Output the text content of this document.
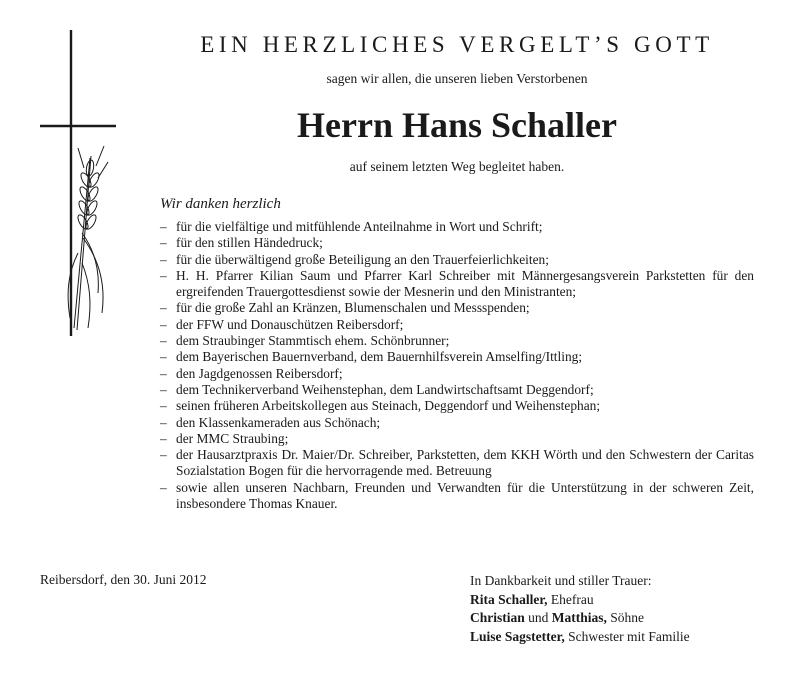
EIN HERZLICHES VERGELT’S GOTT
sagen wir allen, die unseren lieben Verstorbenen
Herrn Hans Schaller
auf seinem letzten Weg begleitet haben.
Wir danken herzlich
– für die vielfältige und mitfühlende Anteilnahme in Wort und Schrift;
– für den stillen Händedruck;
– für die überwältigend große Beteiligung an den Trauerfeierlichkeiten;
– H. H. Pfarrer Kilian Saum und Pfarrer Karl Schreiber mit Männergesangsverein Parkstetten für den ergreifenden Trauergottesdienst sowie der Mesnerin und den Ministranten;
– für die große Zahl an Kränzen, Blumenschalen und Messspenden;
– der FFW und Donauschützen Reibersdorf;
– dem Straubinger Stammtisch ehem. Schönbrunner;
– dem Bayerischen Bauernverband, dem Bauernhilfsverein Amselfing/Ittling;
– den Jagdgenossen Reibersdorf;
– dem Technikerverband Weihenstephan, dem Landwirtschaftsamt Deggendorf;
– seinen früheren Arbeitskollegen aus Steinach, Deggendorf und Weihenstephan;
– den Klassenkameraden aus Schönach;
– der MMC Straubing;
– der Hausarztpraxis Dr. Maier/Dr. Schreiber, Parkstetten, dem KKH Wörth und den Schwestern der Caritas Sozialstation Bogen für die hervorragende med. Betreuung
– sowie allen unseren Nachbarn, Freunden und Verwandten für die Unterstützung in der schweren Zeit, insbesondere Thomas Knauer.
Reibersdorf, den 30. Juni 2012	In Dankbarkeit und stiller Trauer:
Rita Schaller, Ehefrau
Christian und Matthias, Söhne
Luise Sagstetter, Schwester mit Familie
